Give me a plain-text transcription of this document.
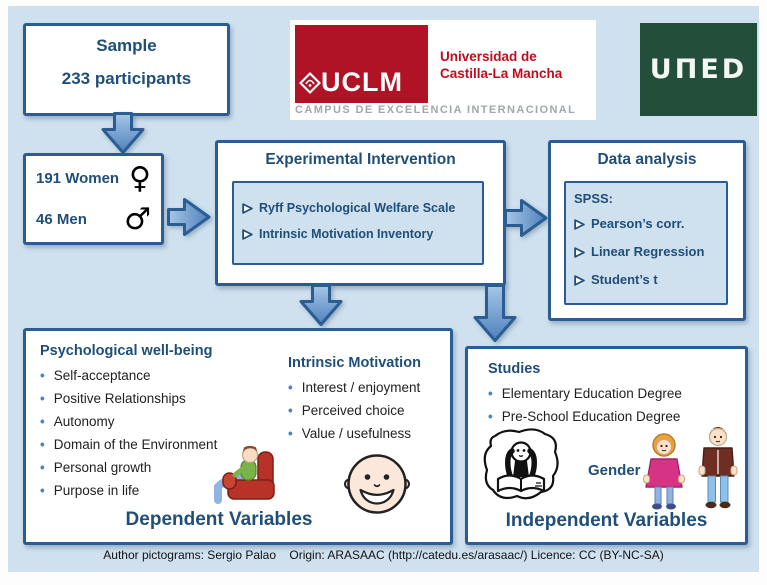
Sample
233 participants
191 Women ♀
46 Men ♂
UCLM
Universidad de
Castilla-La Mancha
CAMPUS DE EXCELENCIA INTERNACIONAL
UΠED
Experimental Intervention
Ryff Psychological Welfare Scale
Intrinsic Motivation Inventory
Data analysis
SPSS:
Pearson’s corr.
Linear Regression
Student’s t
Psychological well-being
• Self-acceptance
• Positive Relationships
• Autonomy
• Domain of the Environment
• Personal growth
• Purpose in life
Intrinsic Motivation
• Interest / enjoyment
• Perceived choice
• Value / usefulness
Dependent Variables
Studies
• Elementary Education Degree
• Pre-School Education Degree
Gender
Independent Variables
Author pictograms: Sergio Palao    Origin: ARASAAC (http://catedu.es/arasaac/) Licence: CC (BY-NC-SA)
